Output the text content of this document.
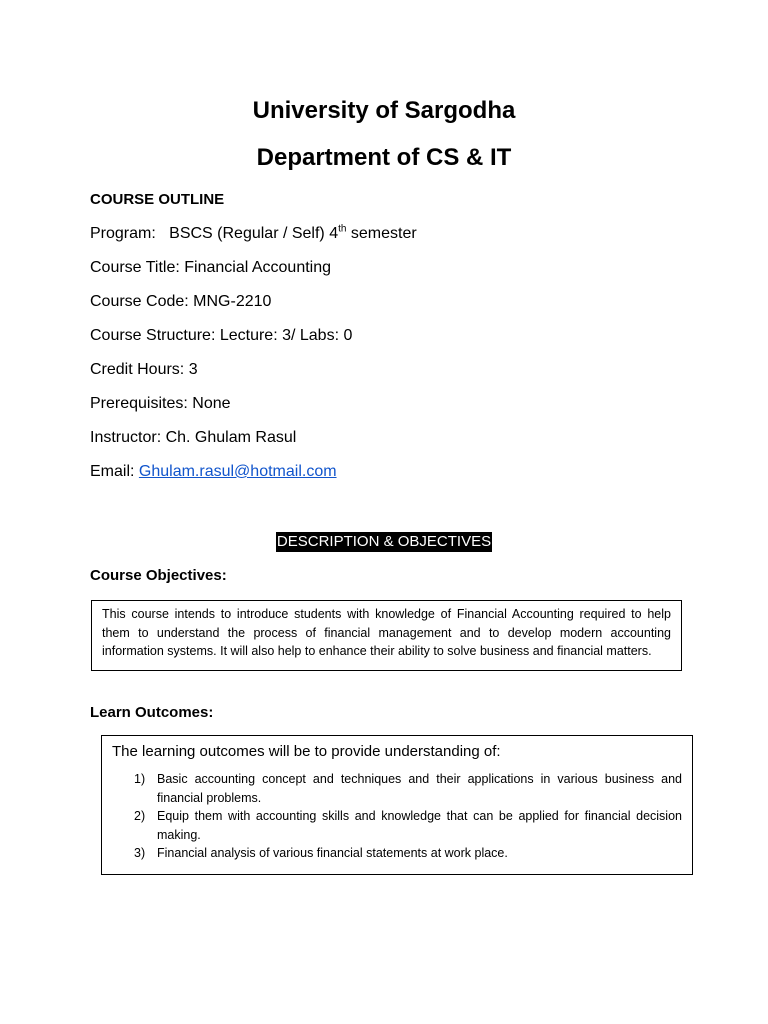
University of Sargodha
Department of CS & IT
COURSE OUTLINE
Program: BSCS (Regular / Self) 4th semester
Course Title: Financial Accounting
Course Code: MNG-2210
Course Structure: Lecture: 3/ Labs: 0
Credit Hours: 3
Prerequisites: None
Instructor: Ch. Ghulam Rasul
Email: Ghulam.rasul@hotmail.com
DESCRIPTION & OBJECTIVES
Course Objectives:

This course intends to introduce students with knowledge of Financial Accounting required to help them to understand the process of financial management and to develop modern accounting information systems. It will also help to enhance their ability to solve business and financial matters.

Learn Outcomes:

The learning outcomes will be to provide understanding of:

1) Basic accounting concept and techniques and their applications in various business and financial problems.
2) Equip them with accounting skills and knowledge that can be applied for financial decision making.
3) Financial analysis of various financial statements at work place.
